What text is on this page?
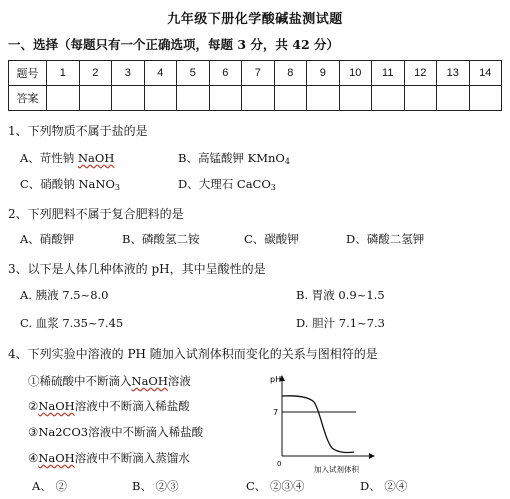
九年级下册化学酸碱盐测试题
一、选择（每题只有一个正确选项，每题 3 分，共 42 分）
题号	1	2	3	4	5	6	7	8	9	10	11	12	13	14
答案														
1、下列物质不属于盐的是
A、苛性钠 NaOH	B、高锰酸钾 KMnO$_4$
C、硝酸钠 NaNO$_3$	D、大理石 CaCO$_3$
2、下列肥料不属于复合肥料的是
A、硝酸钾	B、磷酸氢二铵	C、碳酸钾	D、磷酸二氢钾
3、以下是人体几种体液的 pH，其中呈酸性的是
A. 胰液 7.5~8.0	B. 胃液 0.9~1.5
C. 血浆 7.35~7.45	D. 胆汁 7.1~7.3
4、下列实验中溶液的 PH 随加入试剂体积而变化的关系与图相符的是
①稀硫酸中不断滴入NaOH溶液
②NaOH溶液中不断滴入稀盐酸
③Na2CO3溶液中不断滴入稀盐酸
④NaOH溶液中不断滴入蒸馏水
A、 ②	B、 ②③	C、 ②③④	D、 ②④
pH
7
0
加入试剂体积
